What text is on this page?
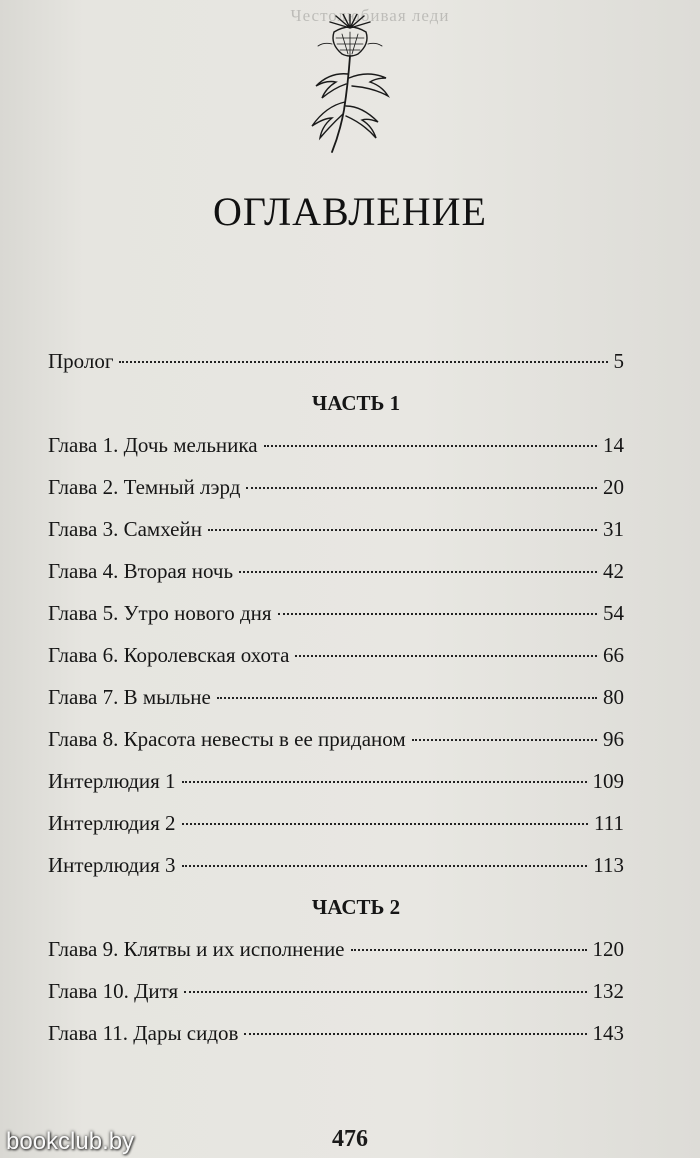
Честолюбивая леди
ОГЛАВЛЕНИЕ
Пролог	5
ЧАСТЬ 1
Глава 1. Дочь мельника	14
Глава 2. Темный лэрд	20
Глава 3. Самхейн	31
Глава 4. Вторая ночь	42
Глава 5. Утро нового дня	54
Глава 6. Королевская охота	66
Глава 7. В мыльне	80
Глава 8. Красота невесты в ее приданом	96
Интерлюдия 1	109
Интерлюдия 2	111
Интерлюдия 3	113
ЧАСТЬ 2
Глава 9. Клятвы и их исполнение	120
Глава 10. Дитя	132
Глава 11. Дары сидов	143
476
bookclub.by
